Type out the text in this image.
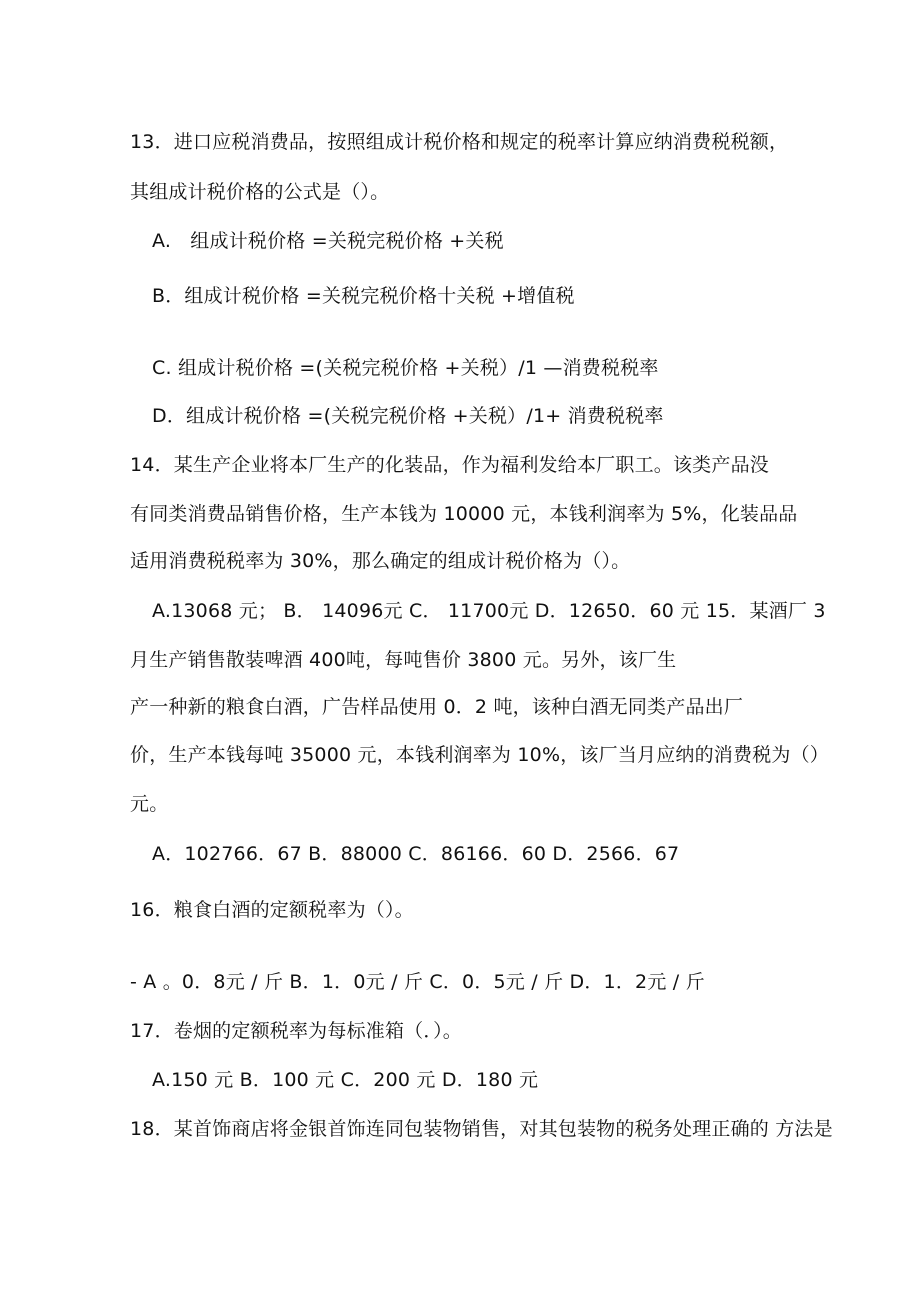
13．进口应税消费品，按照组成计税价格和规定的税率计算应纳消费税税额，
其组成计税价格的公式是（）。
A.　组成计税价格 =关税完税价格 +关税
B．组成计税价格 =关税完税价格十关税 +增值税
C. 组成计税价格 =(关税完税价格 +关税）/1 —消费税税率
D．组成计税价格 =(关税完税价格 +关税）/1+ 消费税税率
14．某生产企业将本厂生产的化装品，作为福利发给本厂职工。该类产品没
有同类消费品销售价格，生产本钱为 10000 元，本钱利润率为 5%，化装品品
适用消费税税率为 30%，那么确定的组成计税价格为（）。
A.13068 元； B． 14096元 C． 11700元 D．12650．60 元 15．某酒厂 3
月生产销售散装啤酒 400吨，每吨售价 3800 元。另外，该厂生
产一种新的粮食白酒，广告样品使用 0．2 吨，该种白酒无同类产品出厂
价，生产本钱每吨 35000 元，本钱利润率为 10%，该厂当月应纳的消费税为（）
元。
A．102766．67 B．88000 C．86166．60 D．2566．67
16．粮食白酒的定额税率为（）。
- A 。0．8元 / 斤 B．1．0元 / 斤 C．0．5元 / 斤 D．1．2元 / 斤
17．卷烟的定额税率为每标准箱（．）。
A.150 元 B．100 元 C．200 元 D．180 元
18．某首饰商店将金银首饰连同包装物销售，对其包装物的税务处理正确的 方法是
